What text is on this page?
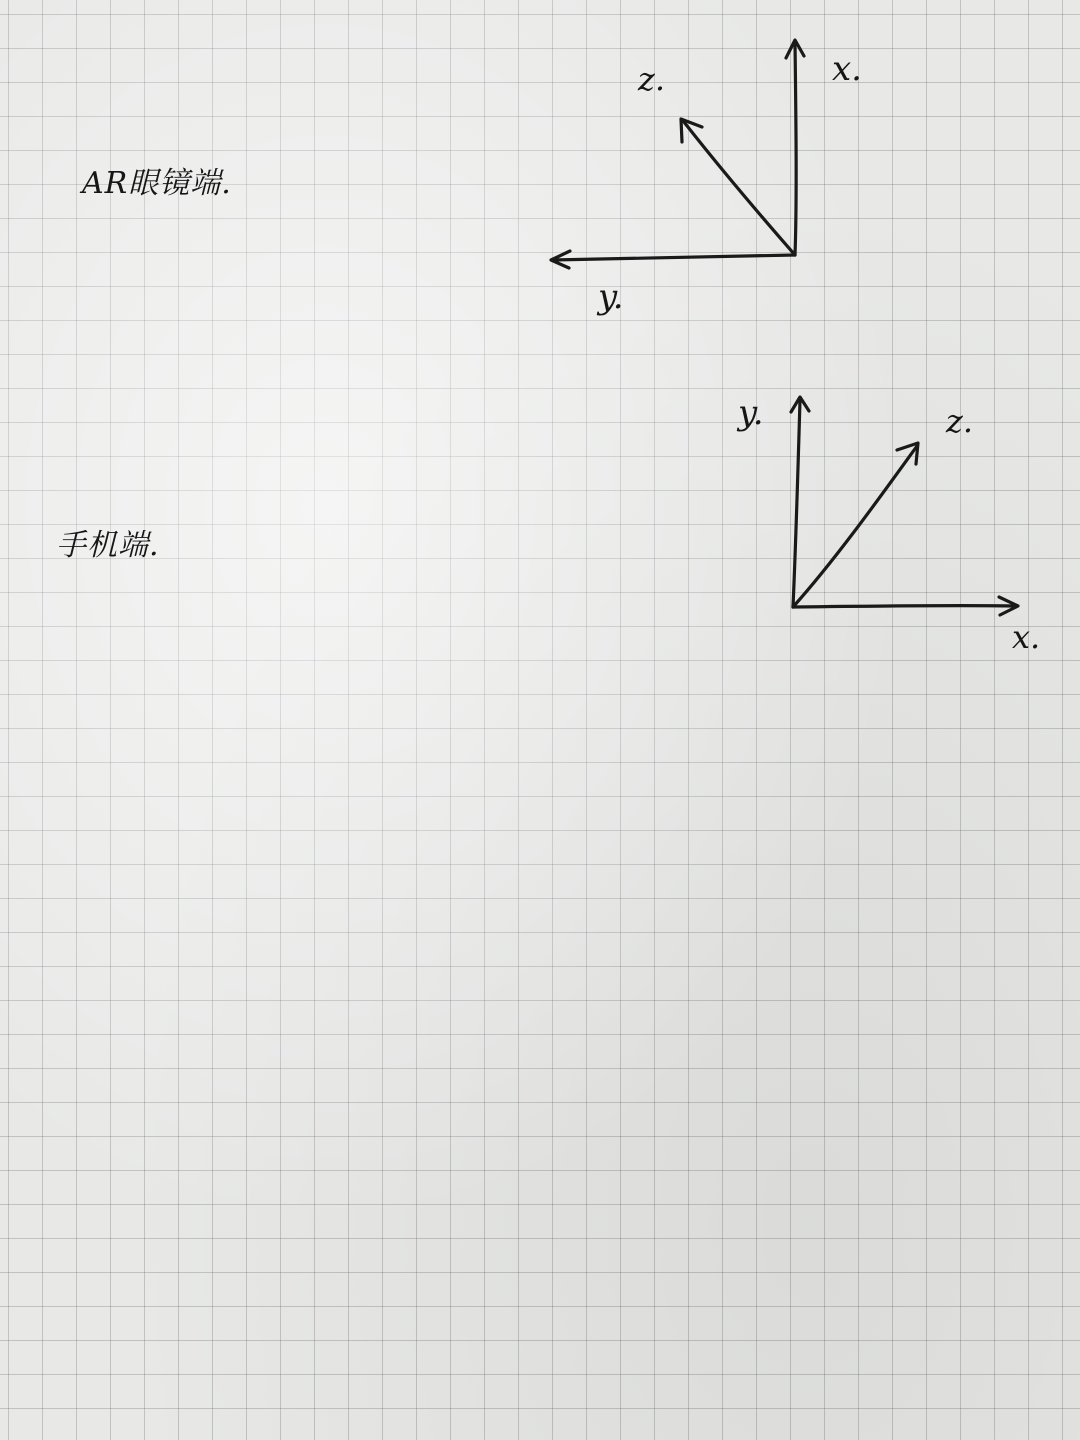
AR眼镜端.
手机端.
x.
y.
z.
y.	z.
x.
